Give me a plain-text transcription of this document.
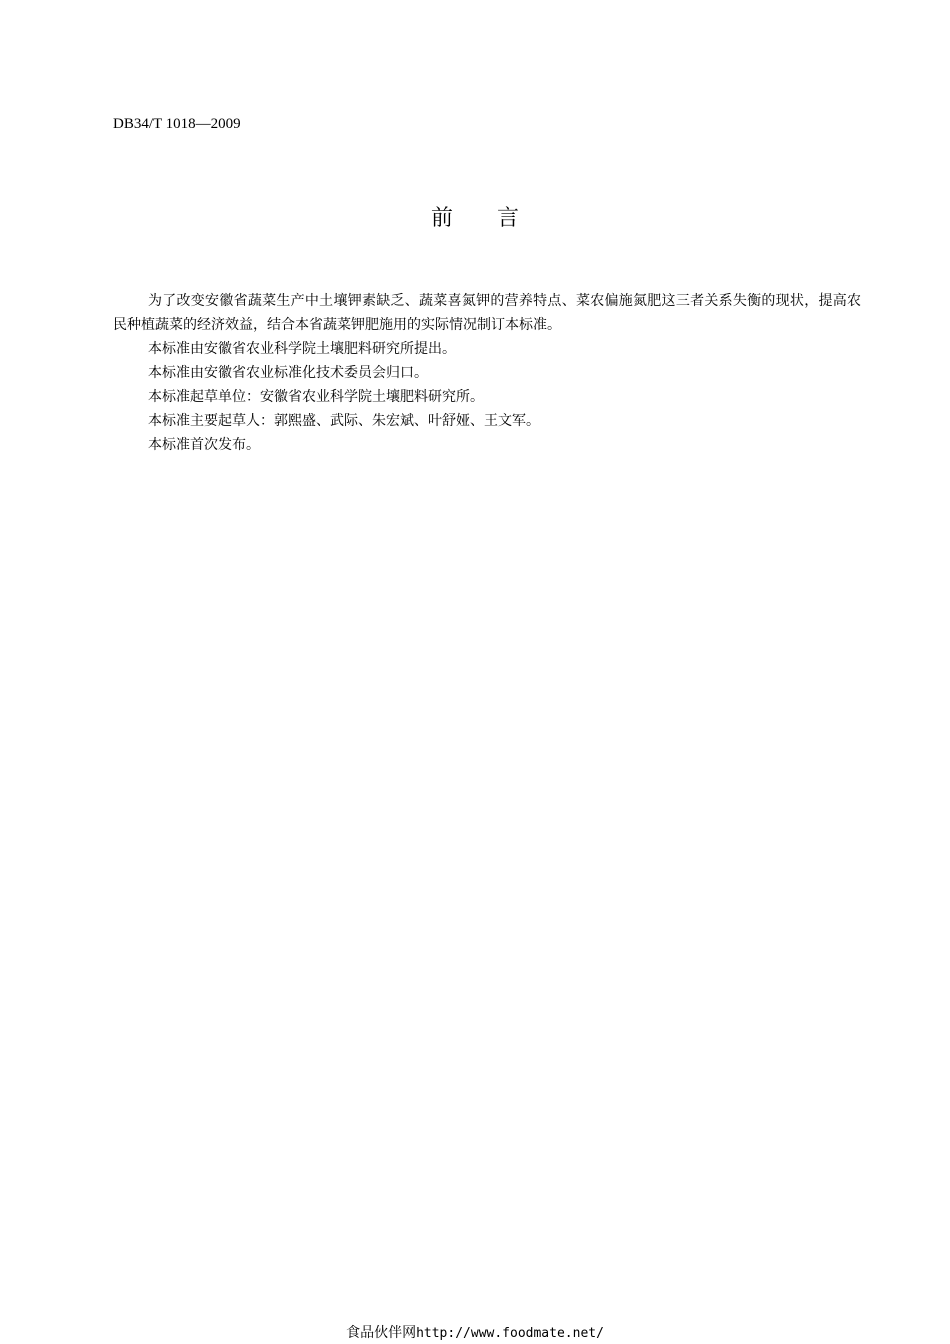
DB34/T 1018—2009
前 言

为了改变安徽省蔬菜生产中土壤钾素缺乏、蔬菜喜氮钾的营养特点、菜农偏施氮肥这三者关系失衡的现状，提高农民种植蔬菜的经济效益，结合本省蔬菜钾肥施用的实际情况制订本标准。

本标准由安徽省农业科学院土壤肥料研究所提出。

本标准由安徽省农业标准化技术委员会归口。

本标准起草单位：安徽省农业科学院土壤肥料研究所。

本标准主要起草人：郭熙盛、武际、朱宏斌、叶舒娅、王文军。

本标准首次发布。

食品伙伴网http://www.foodmate.net/
